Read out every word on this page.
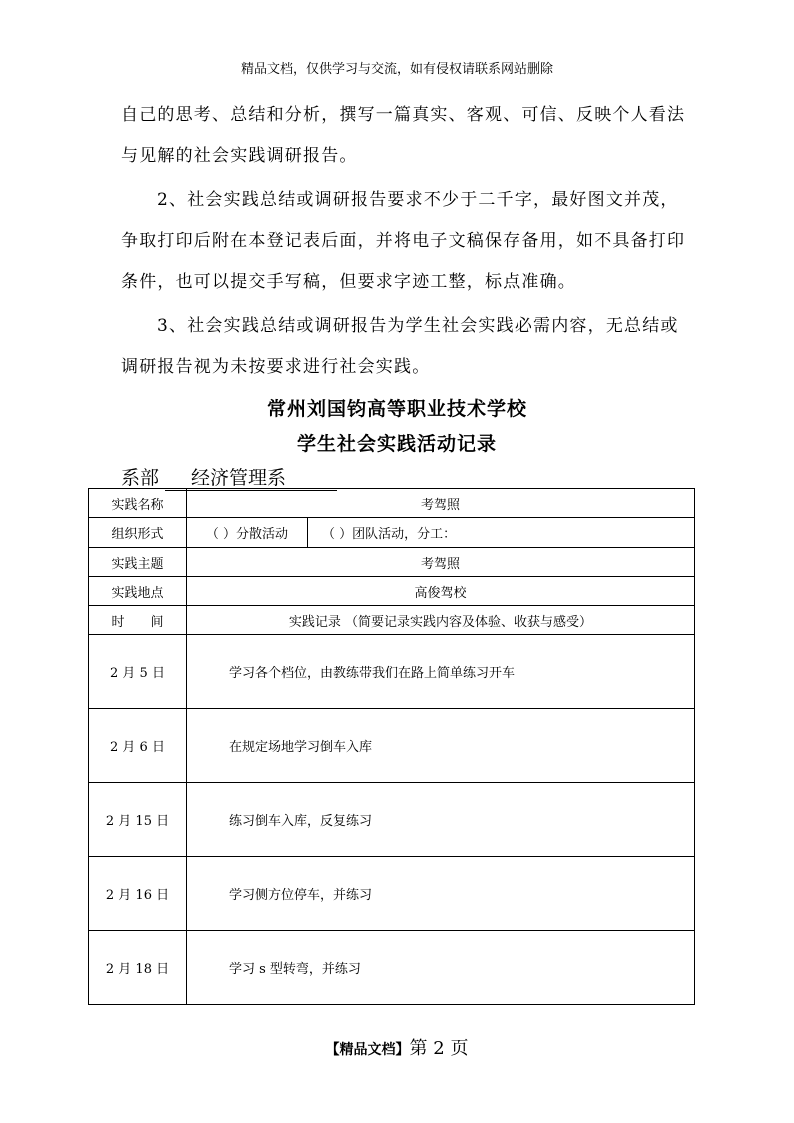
精品文档，仅供学习与交流，如有侵权请联系网站删除
自己的思考、总结和分析，撰写一篇真实、客观、可信、反映个人看法与见解的社会实践调研报告。
2、社会实践总结或调研报告要求不少于二千字，最好图文并茂，争取打印后附在本登记表后面，并将电子文稿保存备用，如不具备打印条件，也可以提交手写稿，但要求字迹工整，标点准确。
3、社会实践总结或调研报告为学生社会实践必需内容，无总结或调研报告视为未按要求进行社会实践。
常州刘国钧高等职业技术学校
学生社会实践活动记录
系部 经济管理系
实践名称	考驾照
组织形式	（ ）分散活动 （ ）团队活动，分工：

实践主题	考驾照
实践地点	高俊驾校
时　　间	实践记录 （简要记录实践内容及体验、收获与感受）
2 月 5 日	学习各个档位，由教练带我们在路上简单练习开车
2 月 6 日	在规定场地学习倒车入库
2 月 15 日	练习倒车入库，反复练习
2 月 16 日	学习侧方位停车，并练习
2 月 18 日	学习 s 型转弯，并练习
【精品文档】第 2 页
